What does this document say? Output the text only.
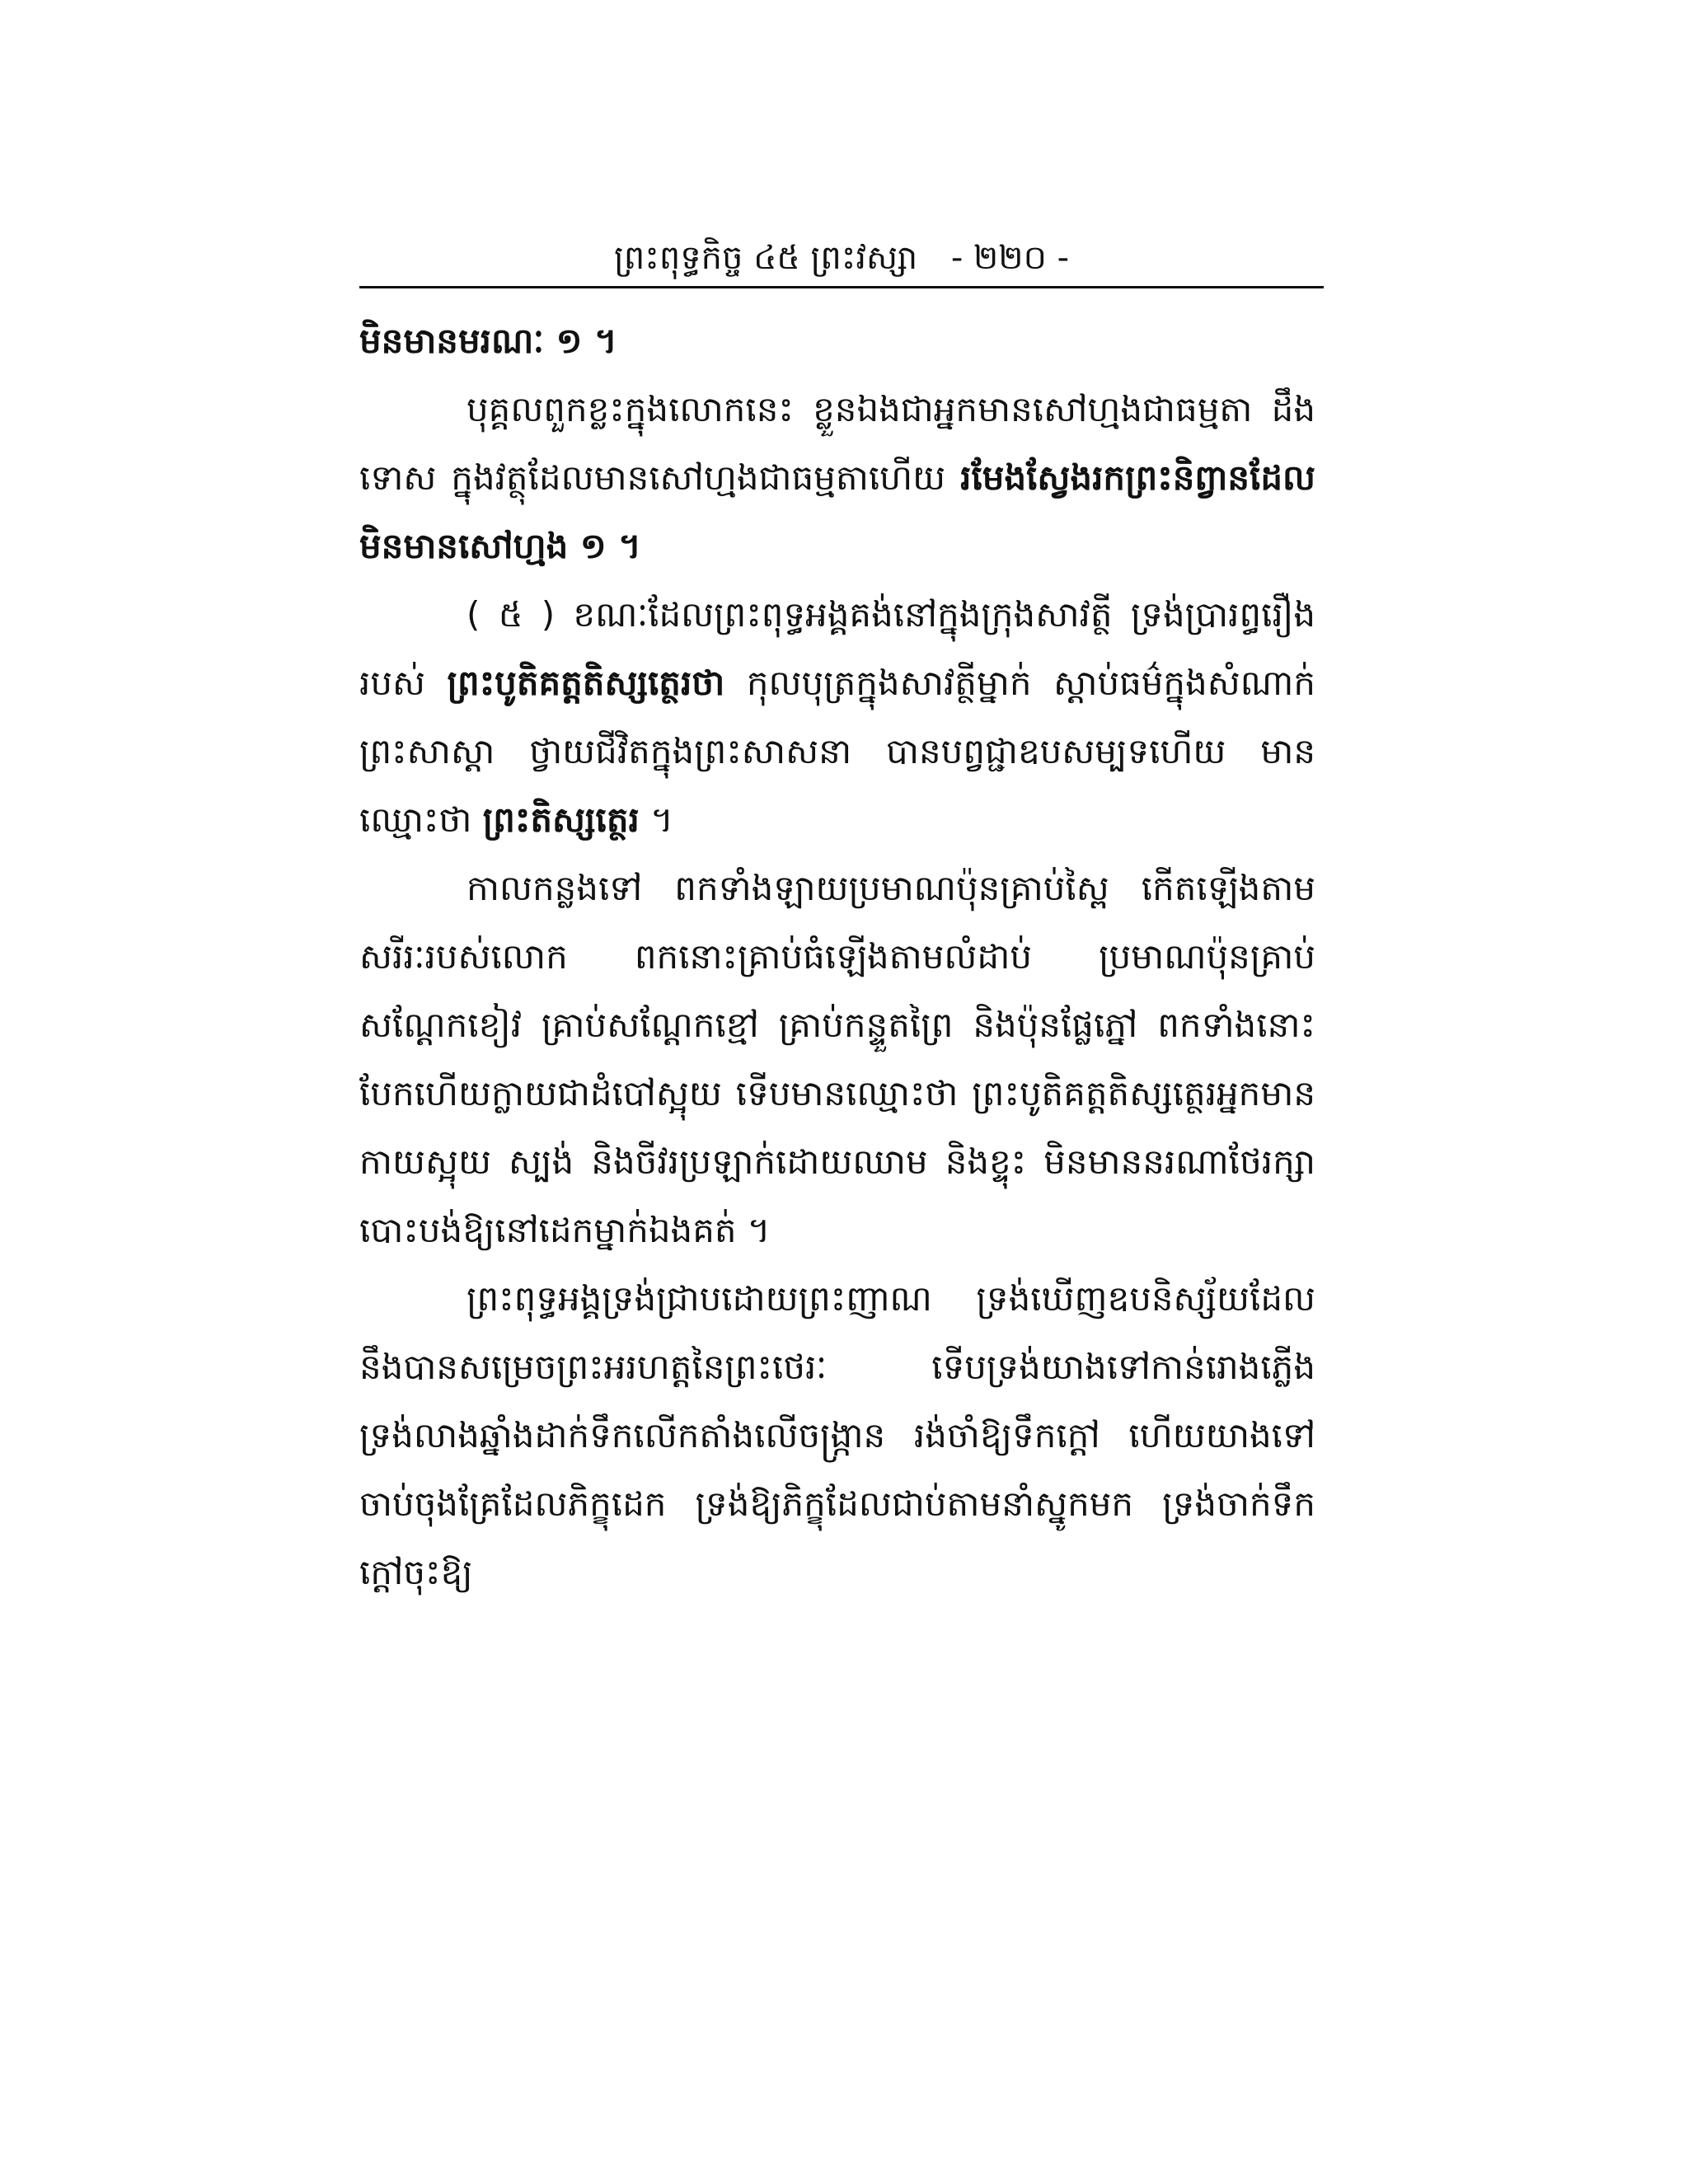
ព្រះពុទ្ធកិច្ច ៤៥ ព្រះវស្សា - ២២០ -

មិនមានមរណៈ ១ ។

បុគ្គលពួកខ្លះក្នុងលោកនេះ ខ្លួនឯងជាអ្នកមានសៅហ្មងជាធម្មតា ដឹងទោស ក្នុងវត្ថុដែលមានសៅហ្មងជាធម្មតាហើយ រមែងស្វែងរកព្រះនិព្វានដែលមិនមានសៅហ្មង ១ ។

( ៥ ) ខណៈដែលព្រះពុទ្ធអង្គគង់នៅក្នុងក្រុងសាវត្ថី ទ្រង់ប្រារព្ធរឿងរបស់ ព្រះបូតិគត្តតិស្សត្ថេរថា កុលបុត្រក្នុងសាវត្ថីម្នាក់ ស្ដាប់ធម៌ក្នុងសំណាក់ព្រះសាស្ដា ថ្វាយជីវិតក្នុងព្រះសាសនា បានបព្វជ្ជាឧបសម្បទហើយ មានឈ្មោះថា ព្រះតិស្សត្ថេរ ។

កាលកន្លងទៅ ពកទាំងឡាយប្រមាណប៉ុនគ្រាប់ស្ពៃ កើតឡើងតាមសរីរៈរបស់លោក ពកនោះគ្រាប់ធំឡើងតាមលំដាប់ ប្រមាណប៉ុនគ្រាប់សណ្ដែកខៀវ គ្រាប់សណ្ដែកខ្មៅ គ្រាប់កន្ទួតព្រៃ និងប៉ុនផ្លែភ្នៅ ពកទាំងនោះបែកហើយក្លាយជាដំបៅស្អុយ ទើបមានឈ្មោះថា ព្រះបូតិគត្តតិស្សត្ថេរអ្នកមានកាយស្អុយ ស្បង់ និងចីវរប្រឡាក់ដោយឈាម និងខ្ទុះ មិនមាននរណាថែរក្សា បោះបង់ឱ្យនៅដេកម្នាក់ឯងគត់ ។

ព្រះពុទ្ធអង្គទ្រង់ជ្រាបដោយព្រះញាណ ទ្រង់ឃើញឧបនិស្ស័យដែលនឹងបានសម្រេចព្រះអរហត្តនៃព្រះថេរៈ ទើបទ្រង់យាងទៅកាន់រោងភ្លើង ទ្រង់លាងឆ្នាំងដាក់ទឹកលើកតាំងលើចង្ក្រាន រង់ចាំឱ្យទឹកក្ដៅ ហើយយាងទៅចាប់ចុងគ្រែដែលភិក្ខុដេក ទ្រង់ឱ្យភិក្ខុដែលជាប់តាមនាំស្នូកមក ទ្រង់ចាក់ទឹកក្ដៅចុះឱ្យ
